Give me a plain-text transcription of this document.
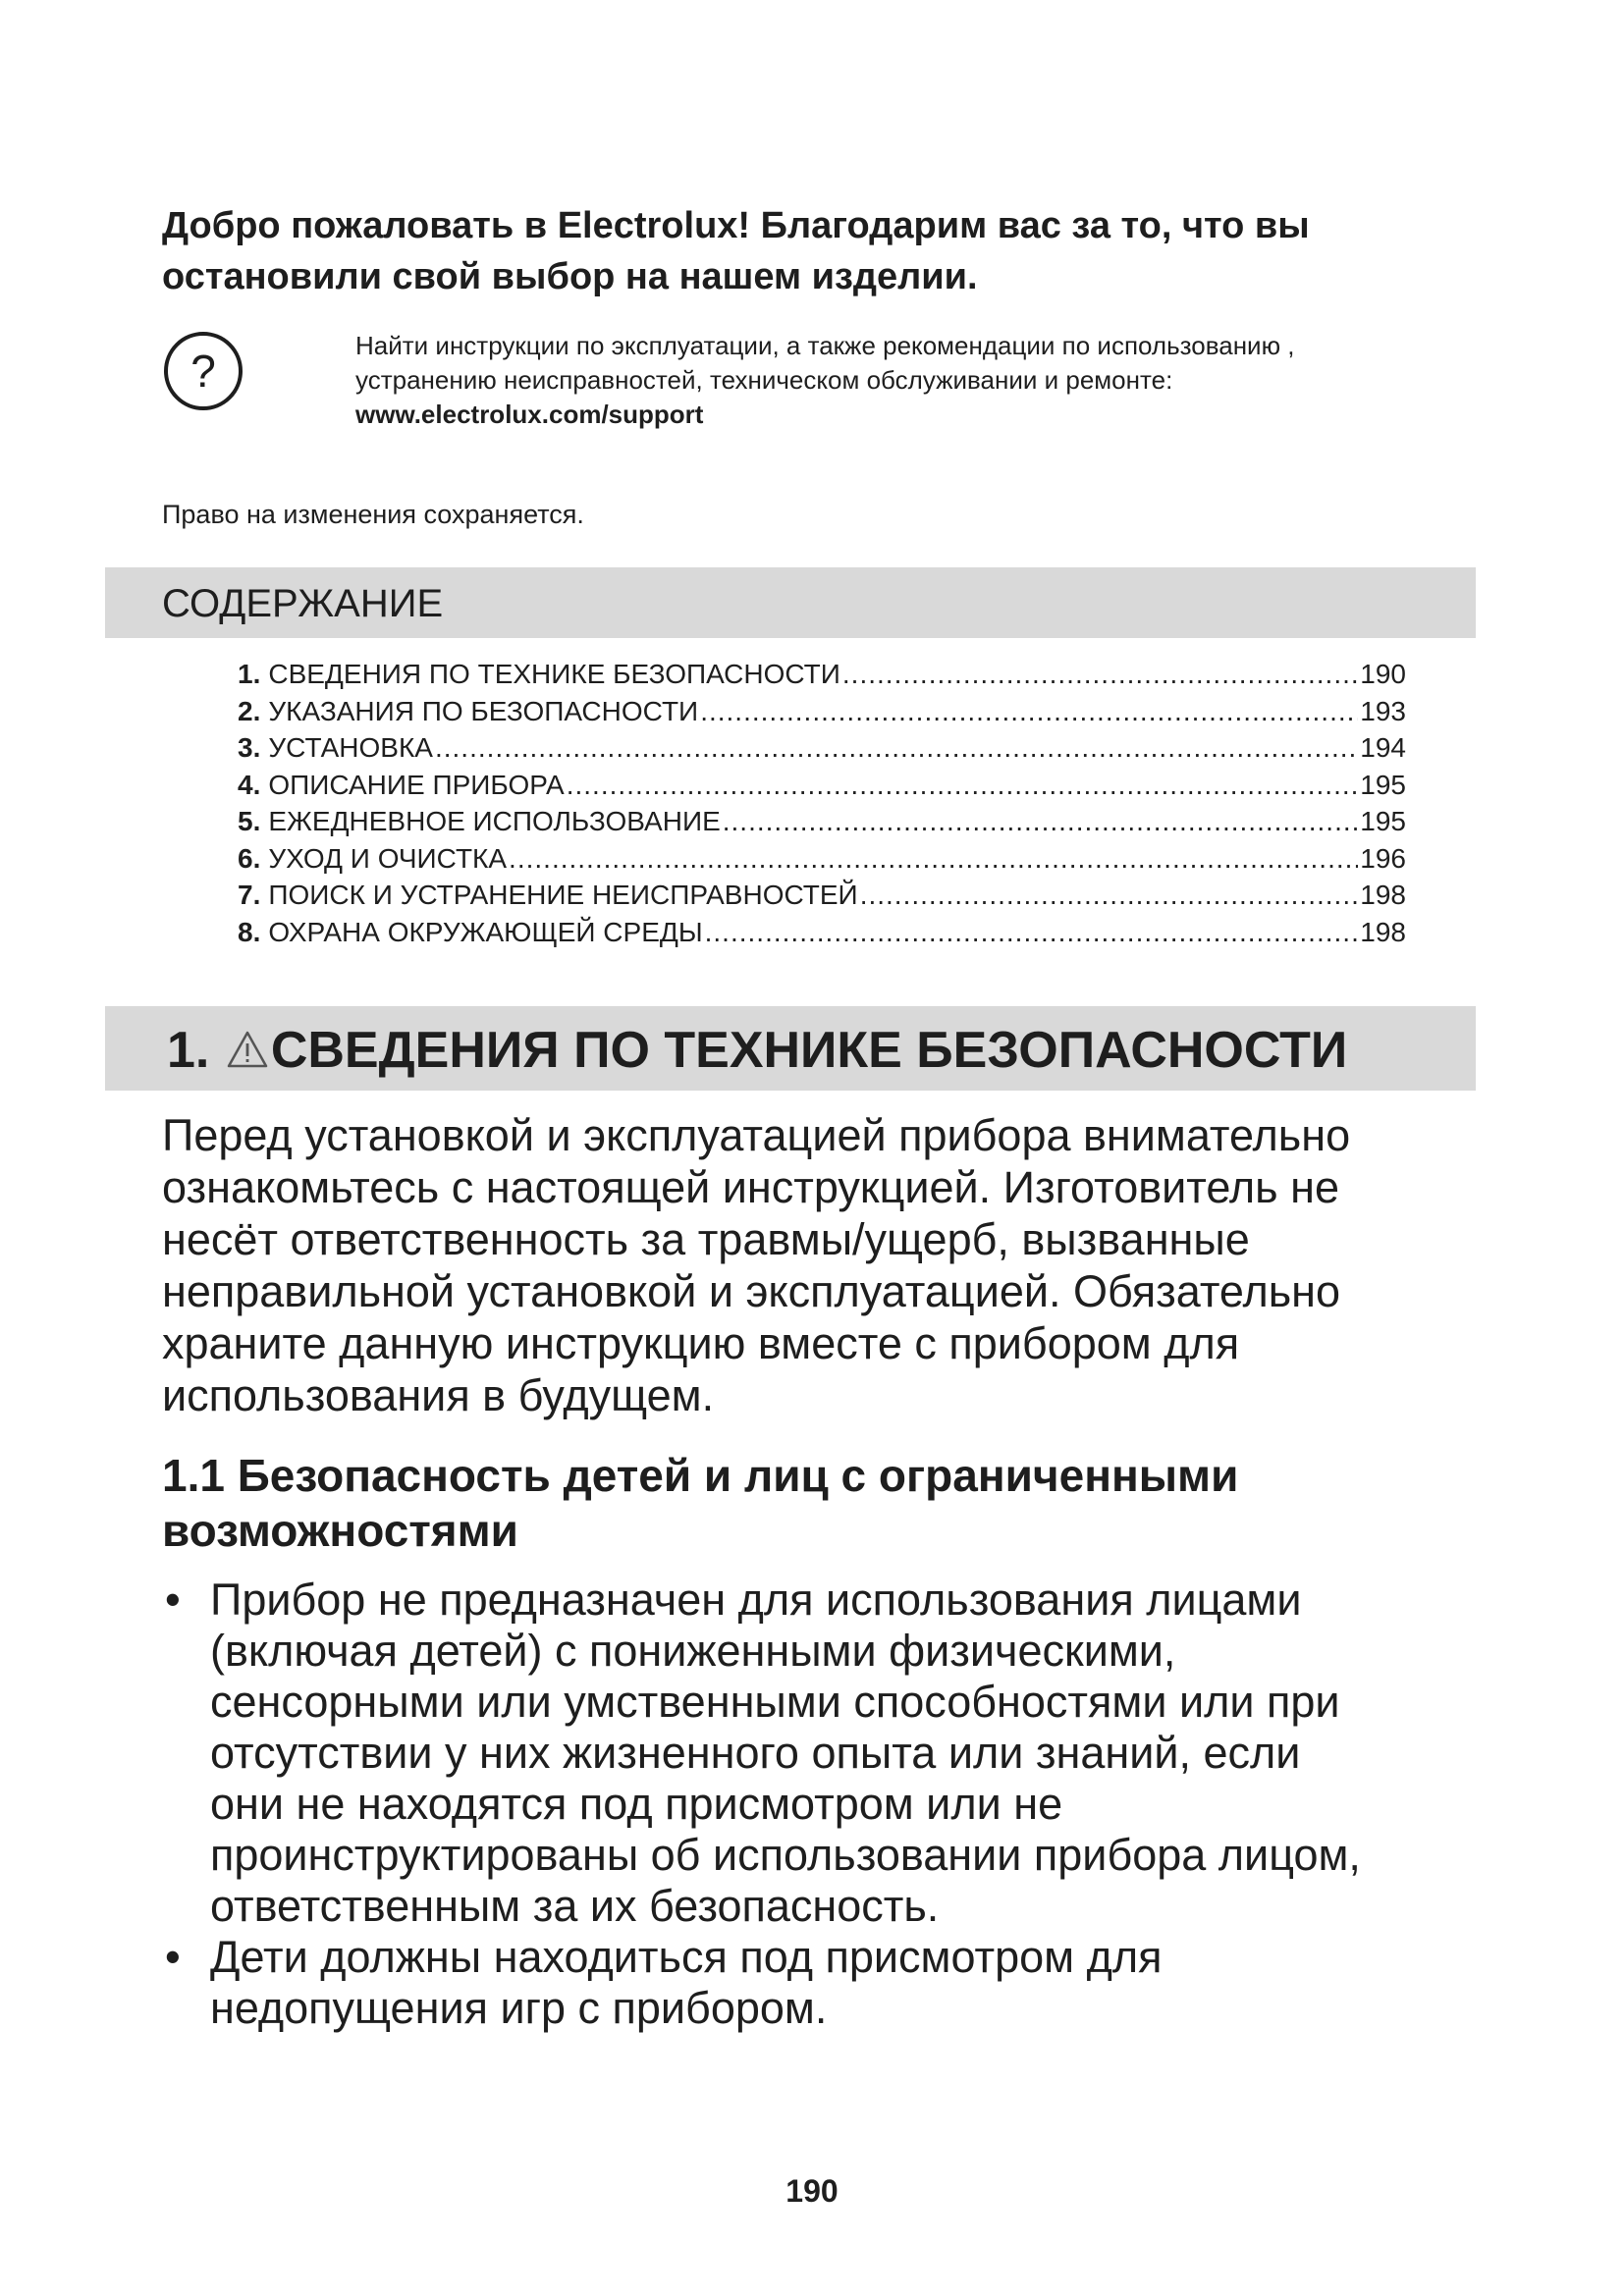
Добро пожаловать в Electrolux! Благодарим вас за то, что вы
остановили свой выбор на нашем изделии.
?	Найти инструкции по эксплуатации, а также рекомендации по использованию ,
устранению неисправностей, техническом обслуживании и ремонте:
www.electrolux.com/support
Право на изменения сохраняется.
СОДЕРЖАНИЕ
1. СВЕДЕНИЯ ПО ТЕХНИКЕ БЕЗОПАСНОСТИ .....	190
2. УКАЗАНИЯ ПО БЕЗОПАСНОСТИ .....	193
3. УСТАНОВКА .....	194
4. ОПИСАНИЕ ПРИБОРА .....	195
5. ЕЖЕДНЕВНОЕ ИСПОЛЬЗОВАНИЕ .....	195
6. УХОД И ОЧИСТКА .....	196
7. ПОИСК И УСТРАНЕНИЕ НЕИСПРАВНОСТЕЙ .....	198
8. ОХРАНА ОКРУЖАЮЩЕЙ СРЕДЫ .....	198
1. СВЕДЕНИЯ ПО ТЕХНИКЕ БЕЗОПАСНОСТИ

Перед установкой и эксплуатацией прибора внимательно
ознакомьтесь с настоящей инструкцией. Изготовитель не
несёт ответственность за травмы/ущерб, вызванные
неправильной установкой и эксплуатацией. Обязательно
храните данную инструкцию вместе с прибором для
использования в будущем.

1.1 Безопасность детей и лиц с ограниченными
возможностями
• Прибор не предназначен для использования лицами
(включая детей) с пониженными физическими,
сенсорными или умственными способностями или при
отсутствии у них жизненного опыта или знаний, если
они не находятся под присмотром или не
проинструктированы об использовании прибора лицом,
ответственным за их безопасность.
• Дети должны находиться под присмотром для
недопущения игр с прибором.
190
